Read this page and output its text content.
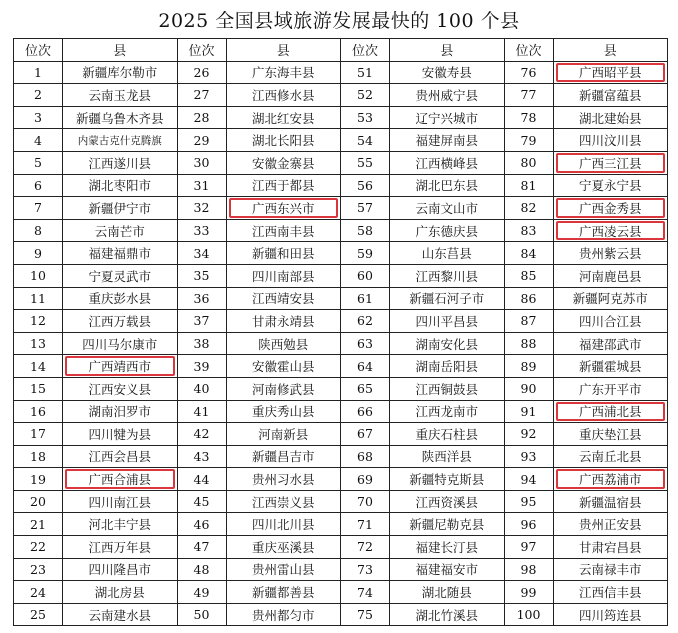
2025 全国县域旅游发展最快的 100 个县
位次	县	位次	县	位次	县	位次	县
1	新疆库尔勒市	26	广东海丰县	51	安徽寿县	76	广西昭平县
2	云南玉龙县	27	江西修水县	52	贵州威宁县	77	新疆富蕴县
3	新疆乌鲁木齐县	28	湖北红安县	53	辽宁兴城市	78	湖北建始县
4	内蒙古克什克腾旗	29	湖北长阳县	54	福建屏南县	79	四川汶川县
5	江西遂川县	30	安徽金寨县	55	江西横峰县	80	广西三江县
6	湖北枣阳市	31	江西于都县	56	湖北巴东县	81	宁夏永宁县
7	新疆伊宁市	32	广西东兴市	57	云南文山市	82	广西金秀县
8	云南芒市	33	江西南丰县	58	广东德庆县	83	广西凌云县
9	福建福鼎市	34	新疆和田县	59	山东莒县	84	贵州紫云县
10	宁夏灵武市	35	四川南部县	60	江西黎川县	85	河南鹿邑县
11	重庆彭水县	36	江西靖安县	61	新疆石河子市	86	新疆阿克苏市
12	江西万载县	37	甘肃永靖县	62	四川平昌县	87	四川合江县
13	四川马尔康市	38	陕西勉县	63	湖南安化县	88	福建邵武市
14	广西靖西市	39	安徽霍山县	64	湖南岳阳县	89	新疆霍城县
15	江西安义县	40	河南修武县	65	江西铜鼓县	90	广东开平市
16	湖南汨罗市	41	重庆秀山县	66	江西龙南市	91	广西浦北县
17	四川犍为县	42	河南新县	67	重庆石柱县	92	重庆垫江县
18	江西会昌县	43	新疆昌吉市	68	陕西洋县	93	云南丘北县
19	广西合浦县	44	贵州习水县	69	新疆特克斯县	94	广西荔浦市
20	四川南江县	45	江西崇义县	70	江西资溪县	95	新疆温宿县
21	河北丰宁县	46	四川北川县	71	新疆尼勒克县	96	贵州正安县
22	江西万年县	47	重庆巫溪县	72	福建长汀县	97	甘肃宕昌县
23	四川隆昌市	48	贵州雷山县	73	福建福安市	98	云南禄丰市
24	湖北房县	49	新疆都善县	74	湖北随县	99	江西信丰县
25	云南建水县	50	贵州都匀市	75	湖北竹溪县	100	四川筠连县
